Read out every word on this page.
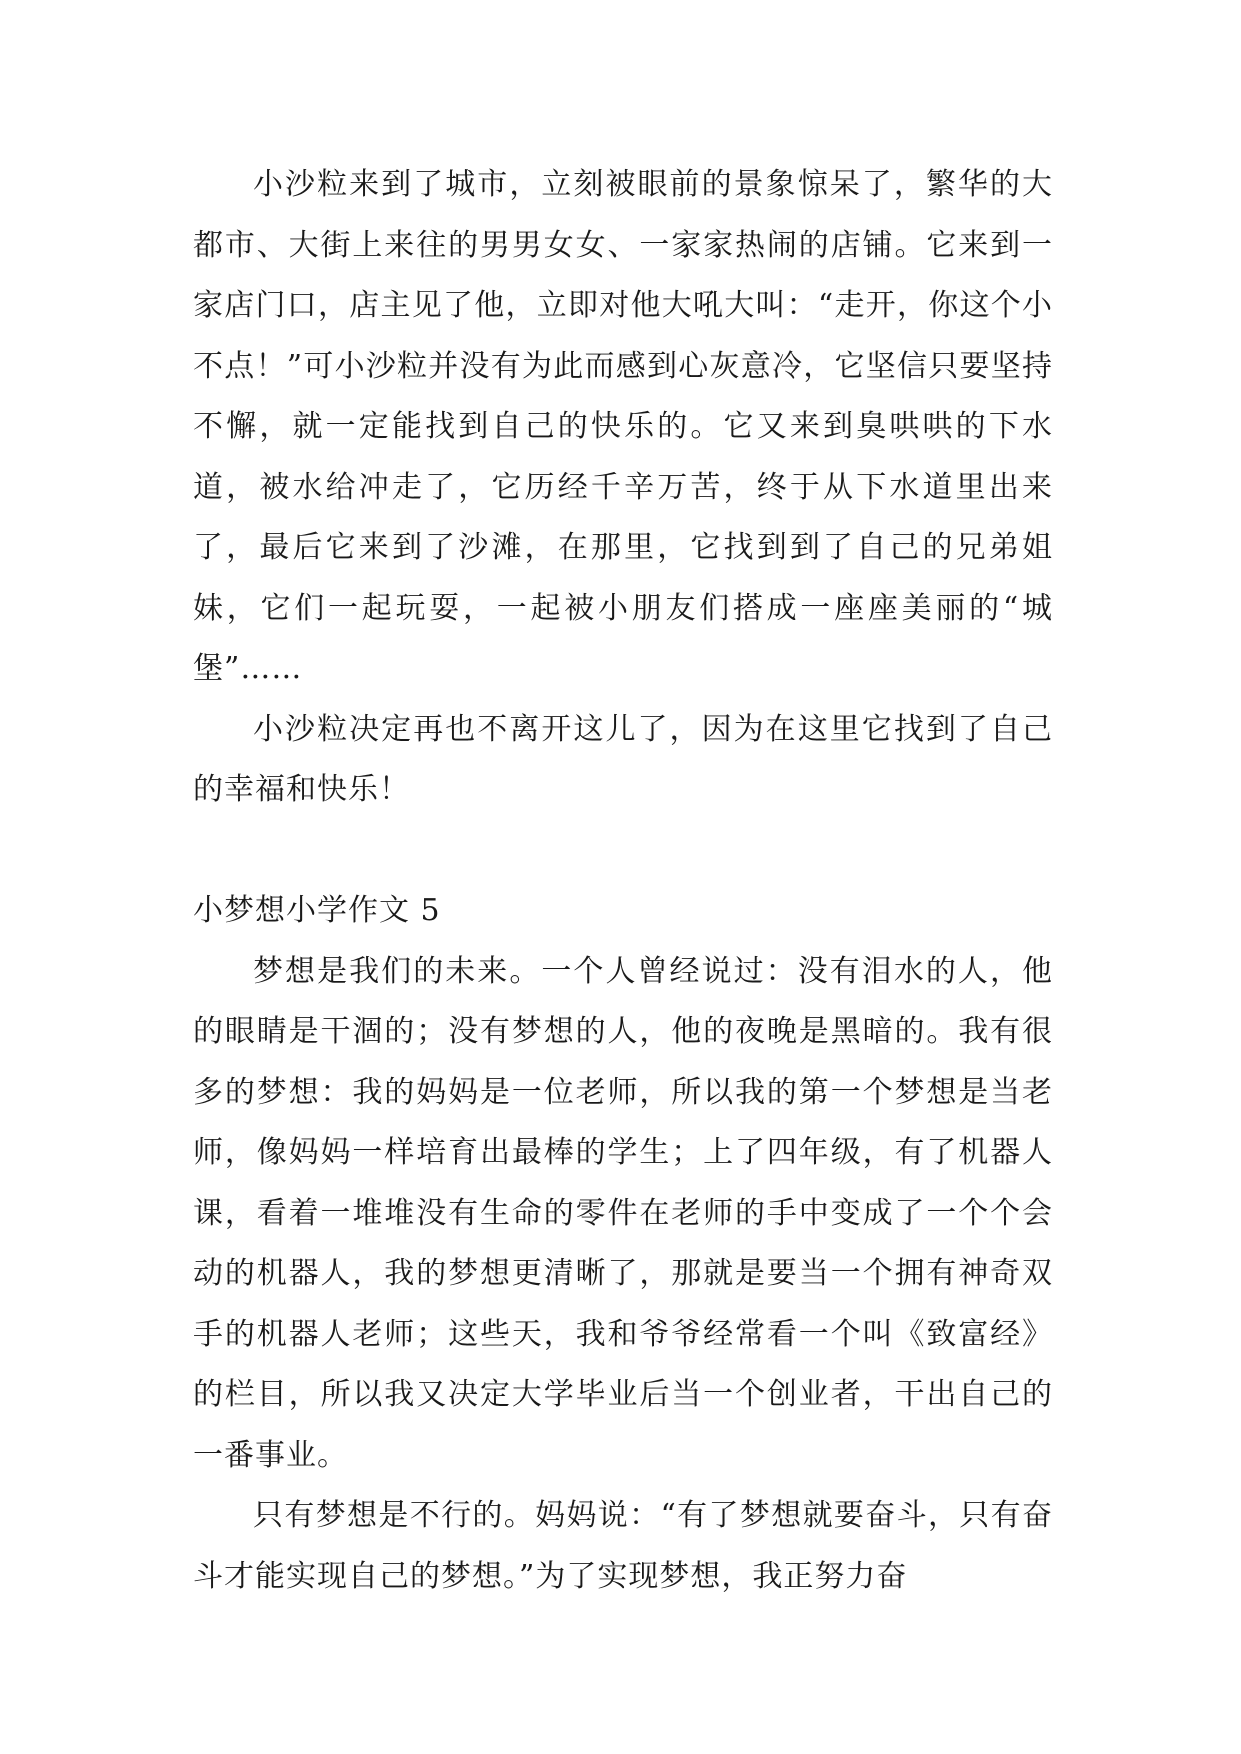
小沙粒来到了城市，立刻被眼前的景象惊呆了，繁华的大都市、大街上来往的男男女女、一家家热闹的店铺。它来到一家店门口，店主见了他，立即对他大吼大叫：“走开，你这个小不点！”可小沙粒并没有为此而感到心灰意冷，它坚信只要坚持不懈，就一定能找到自己的快乐的。它又来到臭哄哄的下水道，被水给冲走了，它历经千辛万苦，终于从下水道里出来了，最后它来到了沙滩，在那里，它找到到了自己的兄弟姐妹，它们一起玩耍，一起被小朋友们搭成一座座美丽的“城堡”……

小沙粒决定再也不离开这儿了，因为在这里它找到了自己的幸福和快乐！

小梦想小学作文 5

梦想是我们的未来。一个人曾经说过：没有泪水的人，他的眼睛是干涸的；没有梦想的人，他的夜晚是黑暗的。我有很多的梦想：我的妈妈是一位老师，所以我的第一个梦想是当老师，像妈妈一样培育出最棒的学生；上了四年级，有了机器人课，看着一堆堆没有生命的零件在老师的手中变成了一个个会动的机器人，我的梦想更清晰了，那就是要当一个拥有神奇双手的机器人老师；这些天，我和爷爷经常看一个叫《致富经》的栏目，所以我又决定大学毕业后当一个创业者，干出自己的一番事业。

只有梦想是不行的。妈妈说：“有了梦想就要奋斗，只有奋斗才能实现自己的梦想。”为了实现梦想，我正努力奋
